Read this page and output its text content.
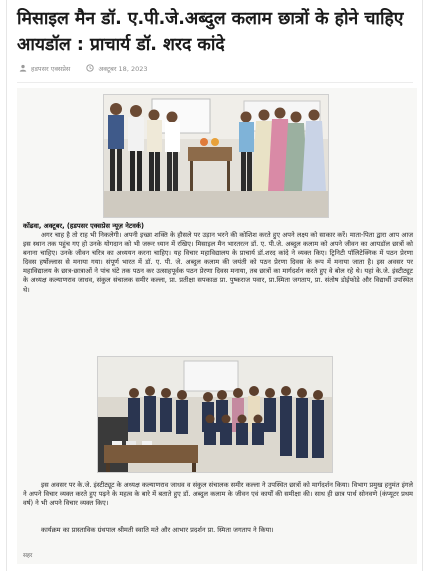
मिसाइल मैन डॉ. ए.पी.जे.अब्दुल कलाम छात्रों के होने चाहिए आयडॉल : प्राचार्य डॉ. शरद कांदे
हडपसर एक्सप्रेस	अक्टूबर 18, 2023
कोंढवा, अक्टूबर, (हडपसर एक्सप्रेस न्यूज़ नेटवर्क)

अगर चाह है तो राह भी निकलेगी। अपनी इच्छा शक्ति के हौसले पर उड़ान भरने की कोशिश करते हुए अपने लक्ष्य को साकार करें। माता-पिता द्वारा आप आज इस स्थान तक पहुंच गए हो उनके योगदान को भी जरूर ध्यान में रखिए। मिसाइल मैन भारतरत्न डॉ. ए. पी.जे. अब्दुल कलाम को अपने जीवन का आयडॉल छात्रों को बनाना चाहिए। उनके जीवन चरित्र का अध्ययन करना चाहिए। यह विचार महाविद्यालय के प्राचार्य डॉ.शरद कांदे ने व्यक्त किए। ट्रिनिटी पॉलिटेक्निक में पठन प्रेरणा दिवस हर्षोल्लास से मनाया गया। संपूर्ण भारत में डॉ. ए. पी. जे. अब्दुल कलाम की जयंती को पठन प्रेरणा दिवस के रूप में मनाया जाता है। इस अवसर पर महाविद्यालय के छात्र-छात्राओं ने पांच घंटे तक पठन कर उत्साहपूर्वक पठन प्रेरणा दिवस मनाया, तब छात्रों का मार्गदर्शन करते हुए वे बोल रहे थे। यहां के.जे. इंस्टीट्यूट के अध्यक्ष कल्याणराव जाधव, संकुल संचालक समीर कल्ला, प्रा. प्रतीक्षा सपकाळ प्रा. पुष्कराज पवार, प्रा.स्मिता जगताप, प्रा. संतोष डोईफोडे और विद्यार्थी उपस्थित थे।

इस अवसर पर के.जे. इंस्टीट्यूट के अध्यक्ष कल्याणराव जाधव व संकुल संचालक समीर कल्ला ने उपस्थित छात्रों को मार्गदर्शन किया। विभाग प्रमुख हनुमंत इंगले ने अपने विचार व्यक्त करते हुए पढ़ने के महत्व के बारे में बताते हुए डॉ. अब्दुल कलाम के जीवन एवं कार्यों की समीक्षा की। साथ ही छात्र पार्थ सोनवणे (कंप्यूटर प्रथम वर्ष) ने भी अपने विचार व्यक्त किए।

कार्यक्रम का प्रास्ताविक ग्रंथपाल श्रीमती स्वाति मते और आभार प्रदर्शन प्रा. स्मिता जगताप ने किया।

सहर
